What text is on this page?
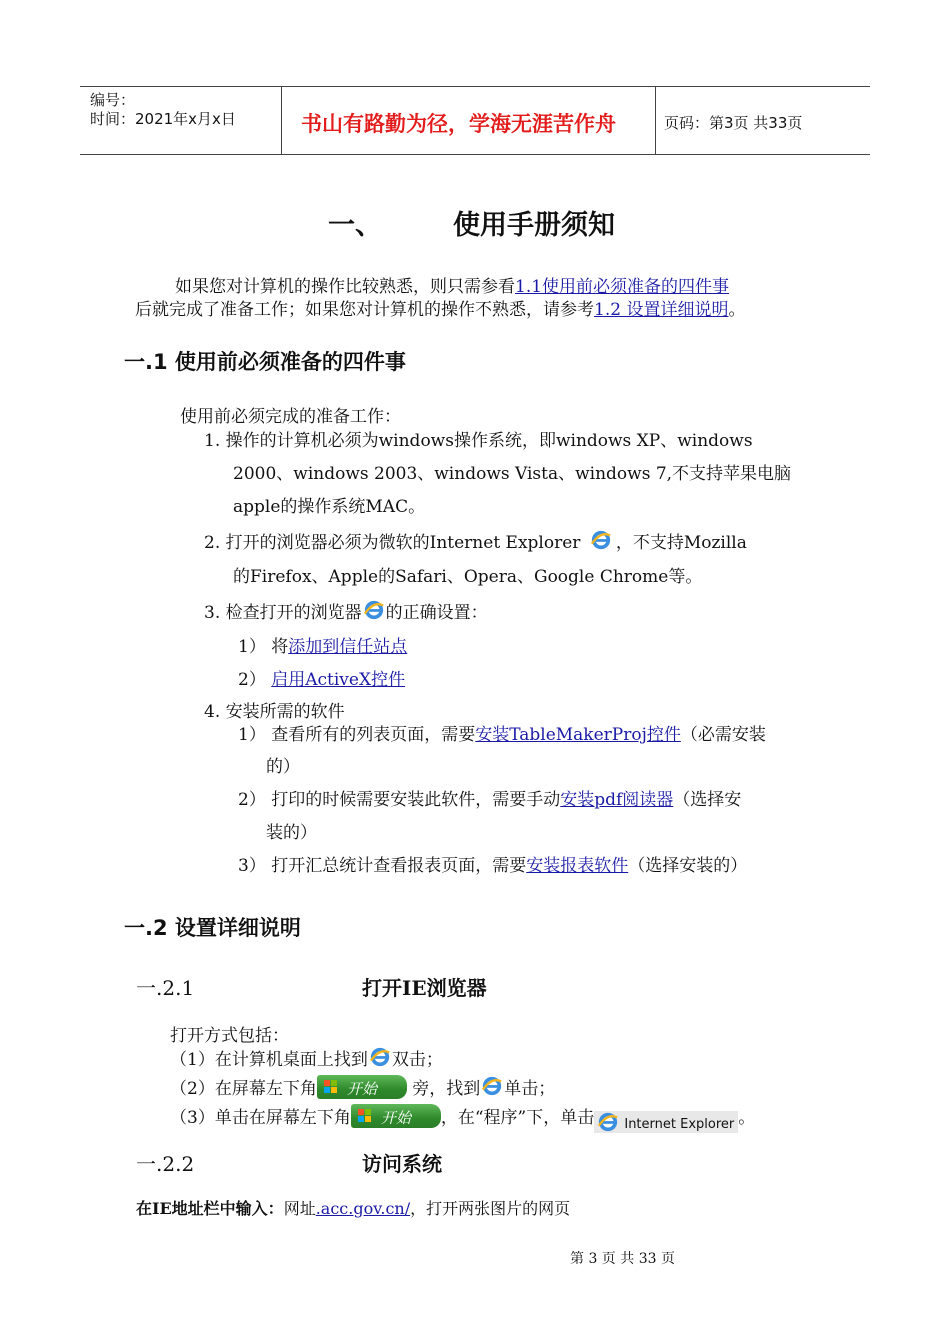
编号：
时间：2021年x月x日	书山有路勤为径，学海无涯苦作舟	页码：第3页 共33页
一、	使用手册须知
如果您对计算机的操作比较熟悉，则只需参看1.1使用前必须准备的四件事
后就完成了准备工作；如果您对计算机的操作不熟悉，请参考1.2 设置详细说明。
一.1 使用前必须准备的四件事
使用前必须完成的准备工作：
1. 操作的计算机必须为windows操作系统，即windows XP、windows
2000、windows 2003、windows Vista、windows 7,不支持苹果电脑
apple的操作系统MAC。
2. 打开的浏览器必须为微软的Internet Explorer ，不支持Mozilla
的Firefox、Apple的Safari、Opera、Google Chrome等。
3. 检查打开的浏览器 的正确设置：
1） 将添加到信任站点
2） 启用ActiveX控件
4. 安装所需的软件
1） 查看所有的列表页面，需要安装TableMakerProj控件（必需安装
的）
2） 打印的时候需要安装此软件，需要手动安装pdf阅读器（选择安
装的）
3） 打开汇总统计查看报表页面，需要安装报表软件（选择安装的）
一.2 设置详细说明
一.2.1	打开IE浏览器
打开方式包括：
（1）在计算机桌面上找到 双击；
（2）在屏幕左下角 开始 旁，找到 单击；
（3）单击在屏幕左下角 开始 ，在“程序”下，单击 Internet Explorer 。
一.2.2	访问系统
在IE地址栏中输入：网址.acc.gov.cn/，打开两张图片的网页
第 3 页 共 33 页
